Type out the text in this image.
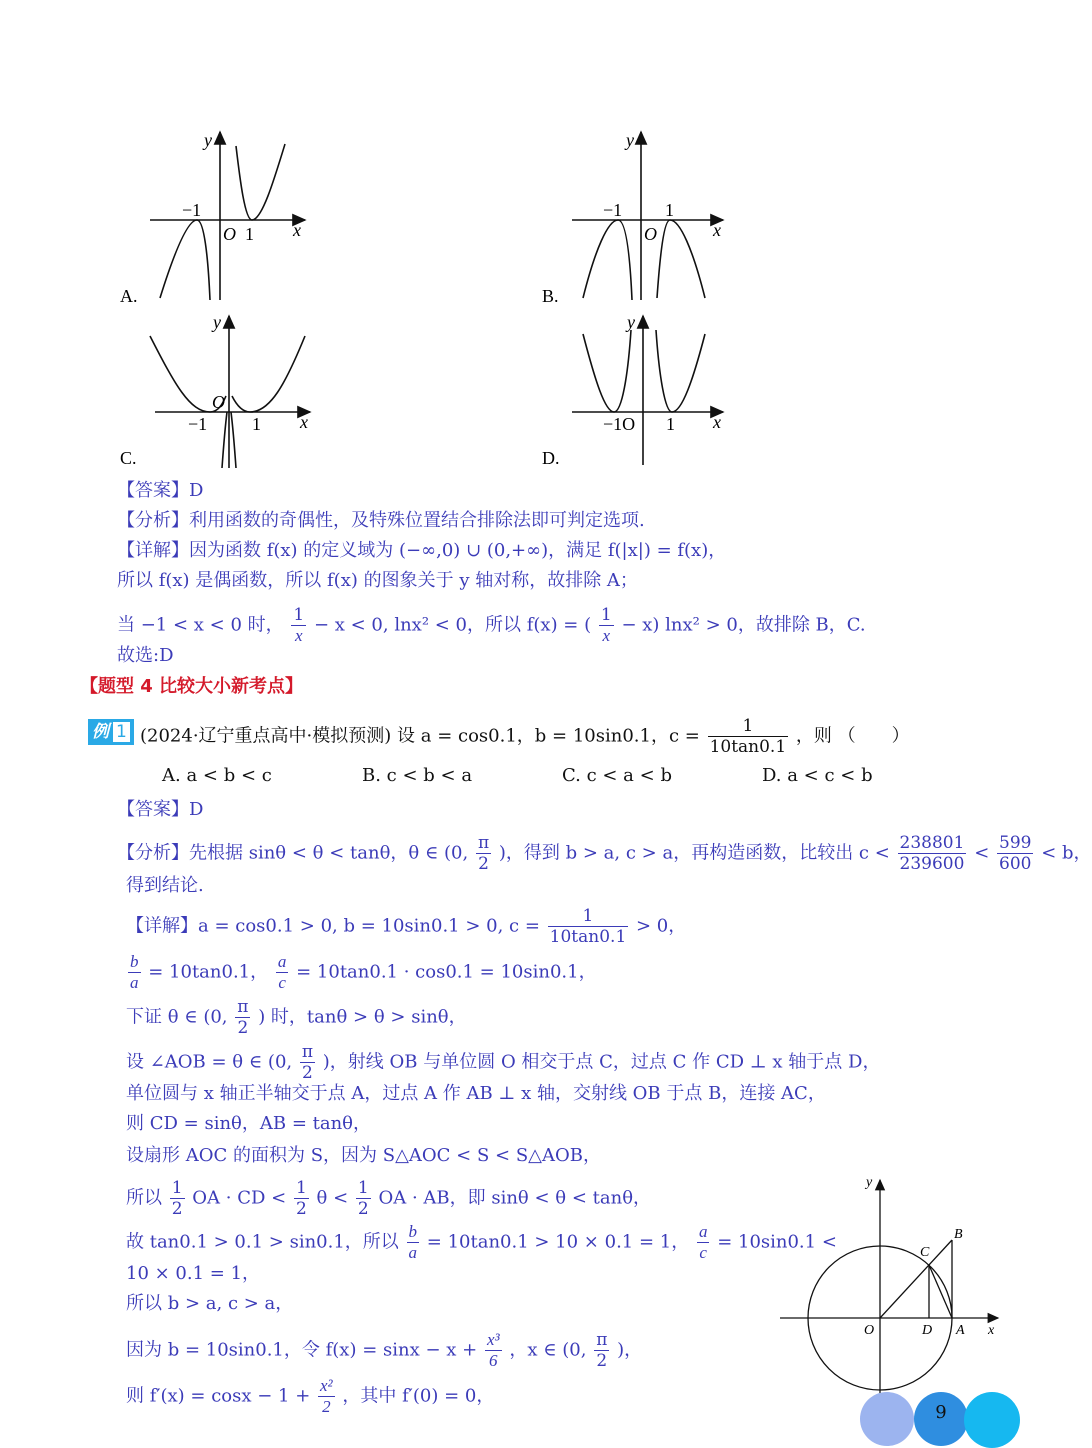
y
x
O
−1
1
A.
y
x
O
−1 1
B.
y
x
O
−1 1
C.
y
x
−1O 1
D.
【答案】D
【分析】利用函数的奇偶性，及特殊位置结合排除法即可判定选项.
【详解】因为函数 f(x) 的定义域为 (−∞,0) ∪ (0,+∞)，满足 f(|x|) = f(x)，
所以 f(x) 是偶函数，所以 f(x) 的图象关于 y 轴对称，故排除 A；
当 −1 < x < 0 时， $\frac{1}{x} - x < 0$, lnx² < 0，所以 f(x) = ( $\frac{1}{x} - x$) lnx² > 0，故排除 B，C.
故选:D
【题型 4 比较大小新考点】
例 1 (2024·辽宁重点高中·模拟预测) 设 a = cos0.1，b = 10sin0.1，$c = \frac{1}{10\tan 0.1}$ ，则 （　　）
A. a < b < c	B. c < b < a	C. c < a < b	D. a < c < b
【答案】D
【分析】先根据 sinθ < θ < tanθ，θ ∈ (0, $\frac{\pi}{2}$ )，得到 b > a, c > a，再构造函数，比较出 $c < \frac{238801}{239600} < \frac{599}{600} < b$，
得到结论.
【详解】a = cos0.1 > 0, b = 10sin0.1 > 0, $c = \frac{1}{10\tan 0.1} > 0$，
$\frac{b}{a} = 10\tan 0.1$， $\frac{a}{c} = 10\tan 0.1 \cdot \cos 0.1 = 10\sin 0.1$，
下证 θ ∈ (0, $\frac{\pi}{2}$ ) 时，tanθ > θ > sinθ，
设 ∠AOB = θ ∈ (0, $\frac{\pi}{2}$ )，射线 OB 与单位圆 O 相交于点 C，过点 C 作 CD ⊥ x 轴于点 D，
单位圆与 x 轴正半轴交于点 A，过点 A 作 AB ⊥ x 轴，交射线 OB 于点 B，连接 AC，
则 CD = sinθ，AB = tanθ，
设扇形 AOC 的面积为 S，因为 S△AOC < S < S△AOB，
所以 $\frac{1}{2}$ OA · CD < $\frac{1}{2}$ $\theta < \frac{1}{2}$ OA · AB，即 sinθ < θ < tanθ，
故 tan0.1 > 0.1 > sin0.1，所以 $\frac{b}{a} = 10\tan 0.1 > 10 \times 0.1 = 1$， $\frac{a}{c} = 10\sin 0.1$ <
10 × 0.1 = 1，
所以 b > a, c > a，
因为 b = 10sin0.1，令 $f(x) = \sin x - x + \frac{\text{x³}}{6}$ ，x ∈ (0, $\frac{\pi}{2}$ )，
则 $f'(x) = \cos x - 1 + \frac{\text{x²}}{2}$ ，其中 f′(0) = 0，
y
x
O	A
B
C
D
9
